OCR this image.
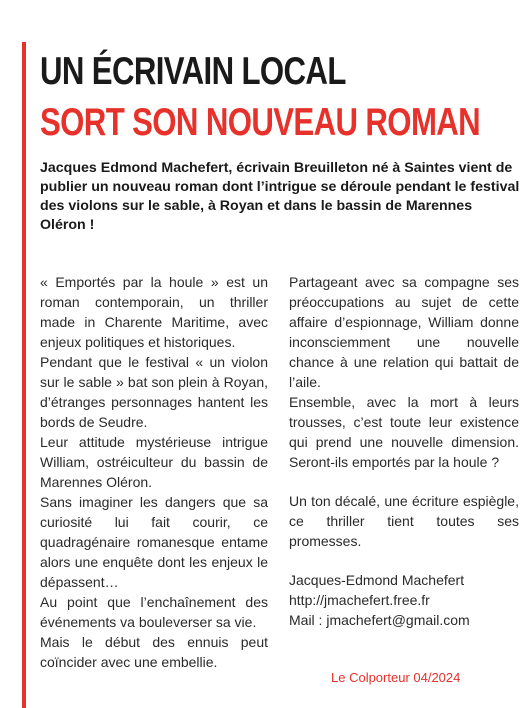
UN ÉCRIVAIN LOCAL
SORT SON NOUVEAU ROMAN
Jacques Edmond Machefert, écrivain Breuilleton né à Saintes vient de publier un nouveau roman dont l’intrigue se déroule pendant le festival des violons sur le sable, à Royan et dans le bassin de Marennes Oléron !

« Emportés par la houle » est un roman contemporain, un thriller made in Charente Maritime, avec enjeux politiques et historiques.

Pendant que le festival « un violon sur le sable » bat son plein à Royan, d’étranges personnages hantent les bords de Seudre.

Leur attitude mystérieuse intrigue William, ostréiculteur du bassin de Marennes Oléron.

Sans imaginer les dangers que sa curiosité lui fait courir, ce quadragénaire romanesque entame alors une enquête dont les enjeux le dépassent…

Au point que l’enchaînement des événements va bouleverser sa vie.

Mais le début des ennuis peut coïncider avec une embellie.

Partageant avec sa compagne ses préoccupations au sujet de cette affaire d’espionnage, William donne inconsciemment une nouvelle chance à une relation qui battait de l’aile.

Ensemble, avec la mort à leurs trousses, c’est toute leur existence qui prend une nouvelle dimension. Seront-ils emportés par la houle ?

Un ton décalé, une écriture espiègle, ce thriller tient toutes ses promesses.

Jacques-Edmond Machefert

http://jmachefert.free.fr

Mail : jmachefert@gmail.com

Le Colporteur 04/2024
